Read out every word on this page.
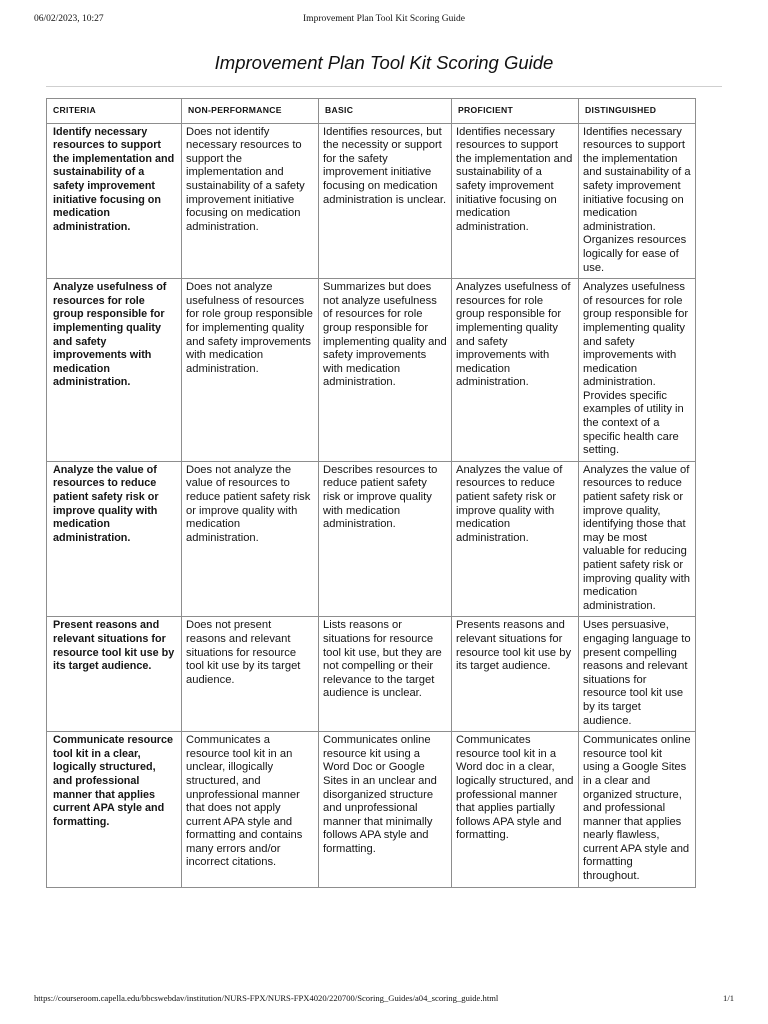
06/02/2023, 10:27	Improvement Plan Tool Kit Scoring Guide
Improvement Plan Tool Kit Scoring Guide
CRITERIA	NON-PERFORMANCE	BASIC	PROFICIENT	DISTINGUISHED
Identify necessary resources to support the implementation and sustainability of a safety improvement initiative focusing on medication administration.	Does not identify necessary resources to support the implementation and sustainability of a safety improvement initiative focusing on medication administration.	Identifies resources, but the necessity or support for the safety improvement initiative focusing on medication administration is unclear.	Identifies necessary resources to support the implementation and sustainability of a safety improvement initiative focusing on medication administration.	Identifies necessary resources to support the implementation and sustainability of a safety improvement initiative focusing on medication administration. Organizes resources logically for ease of use.
Analyze usefulness of resources for role group responsible for implementing quality and safety improvements with medication administration.	Does not analyze usefulness of resources for role group responsible for implementing quality and safety improvements with medication administration.	Summarizes but does not analyze usefulness of resources for role group responsible for implementing quality and safety improvements with medication administration.	Analyzes usefulness of resources for role group responsible for implementing quality and safety improvements with medication administration.	Analyzes usefulness of resources for role group responsible for implementing quality and safety improvements with medication administration. Provides specific examples of utility in the context of a specific health care setting.
Analyze the value of resources to reduce patient safety risk or improve quality with medication administration.	Does not analyze the value of resources to reduce patient safety risk or improve quality with medication administration.	Describes resources to reduce patient safety risk or improve quality with medication administration.	Analyzes the value of resources to reduce patient safety risk or improve quality with medication administration.	Analyzes the value of resources to reduce patient safety risk or improve quality, identifying those that may be most valuable for reducing patient safety risk or improving quality with medication administration.
Present reasons and relevant situations for resource tool kit use by its target audience.	Does not present reasons and relevant situations for resource tool kit use by its target audience.	Lists reasons or situations for resource tool kit use, but they are not compelling or their relevance to the target audience is unclear.	Presents reasons and relevant situations for resource tool kit use by its target audience.	Uses persuasive, engaging language to present compelling reasons and relevant situations for resource tool kit use by its target audience.
Communicate resource tool kit in a clear, logically structured, and professional manner that applies current APA style and formatting.	Communicates a resource tool kit in an unclear, illogically structured, and unprofessional manner that does not apply current APA style and formatting and contains many errors and/or incorrect citations.	Communicates online resource kit using a Word Doc or Google Sites in an unclear and disorganized structure and unprofessional manner that minimally follows APA style and formatting.	Communicates resource tool kit in a Word doc in a clear, logically structured, and professional manner that applies partially follows APA style and formatting.	Communicates online resource tool kit using a Google Sites in a clear and organized structure, and professional manner that applies nearly flawless, current APA style and formatting throughout.
https://courseroom.capella.edu/bbcswebdav/institution/NURS-FPX/NURS-FPX4020/220700/Scoring_Guides/a04_scoring_guide.html	1/1
